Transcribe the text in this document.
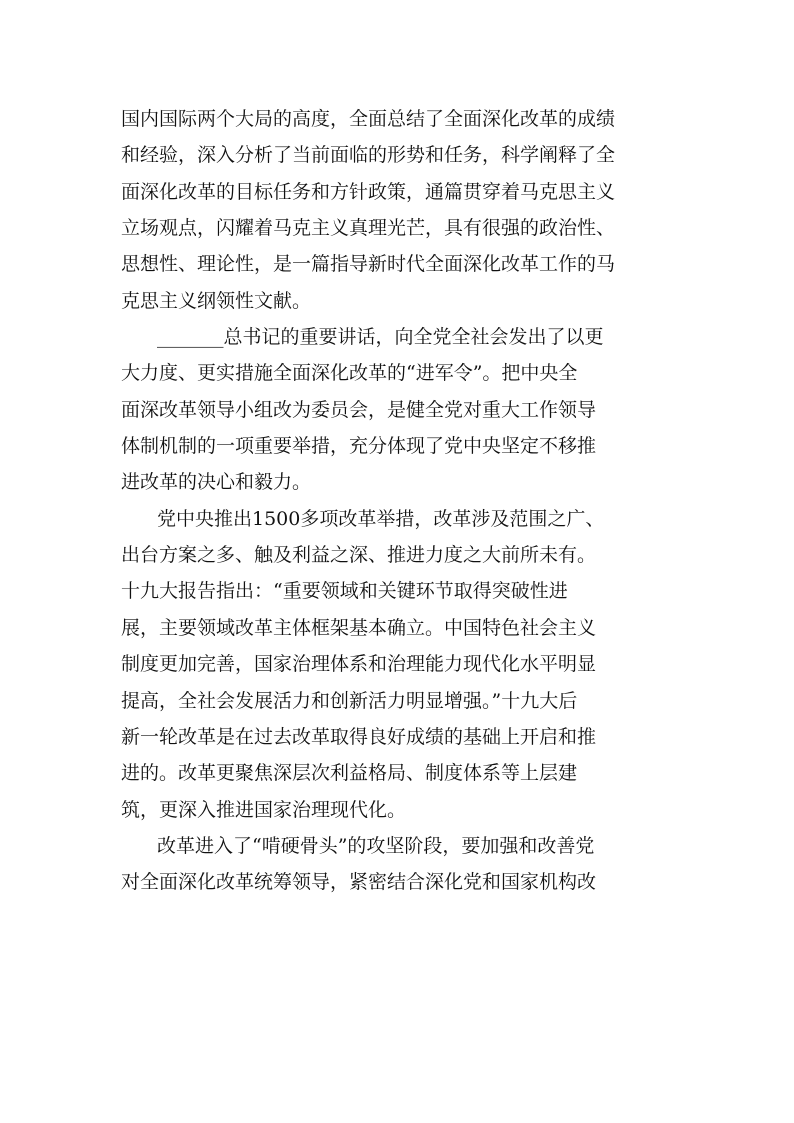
国内国际两个大局的高度，全面总结了全面深化改革的成绩
和经验，深入分析了当前面临的形势和任务，科学阐释了全
面深化改革的目标任务和方针政策，通篇贯穿着马克思主义
立场观点，闪耀着马克主义真理光芒，具有很强的政治性、
思想性、理论性，是一篇指导新时代全面深化改革工作的马
克思主义纲领性文献。
_______总书记的重要讲话，向全党全社会发出了以更
大力度、更实措施全面深化改革的“进军令”。把中央全
面深改革领导小组改为委员会，是健全党对重大工作领导
体制机制的一项重要举措，充分体现了党中央坚定不移推
进改革的决心和毅力。
党中央推出1500多项改革举措，改革涉及范围之广、
出台方案之多、触及利益之深、推进力度之大前所未有。
十九大报告指出：“重要领域和关键环节取得突破性进
展，主要领域改革主体框架基本确立。中国特色社会主义
制度更加完善，国家治理体系和治理能力现代化水平明显
提高，全社会发展活力和创新活力明显增强。”十九大后
新一轮改革是在过去改革取得良好成绩的基础上开启和推
进的。改革更聚焦深层次利益格局、制度体系等上层建
筑，更深入推进国家治理现代化。
改革进入了“啃硬骨头”的攻坚阶段，要加强和改善党
对全面深化改革统筹领导，紧密结合深化党和国家机构改
